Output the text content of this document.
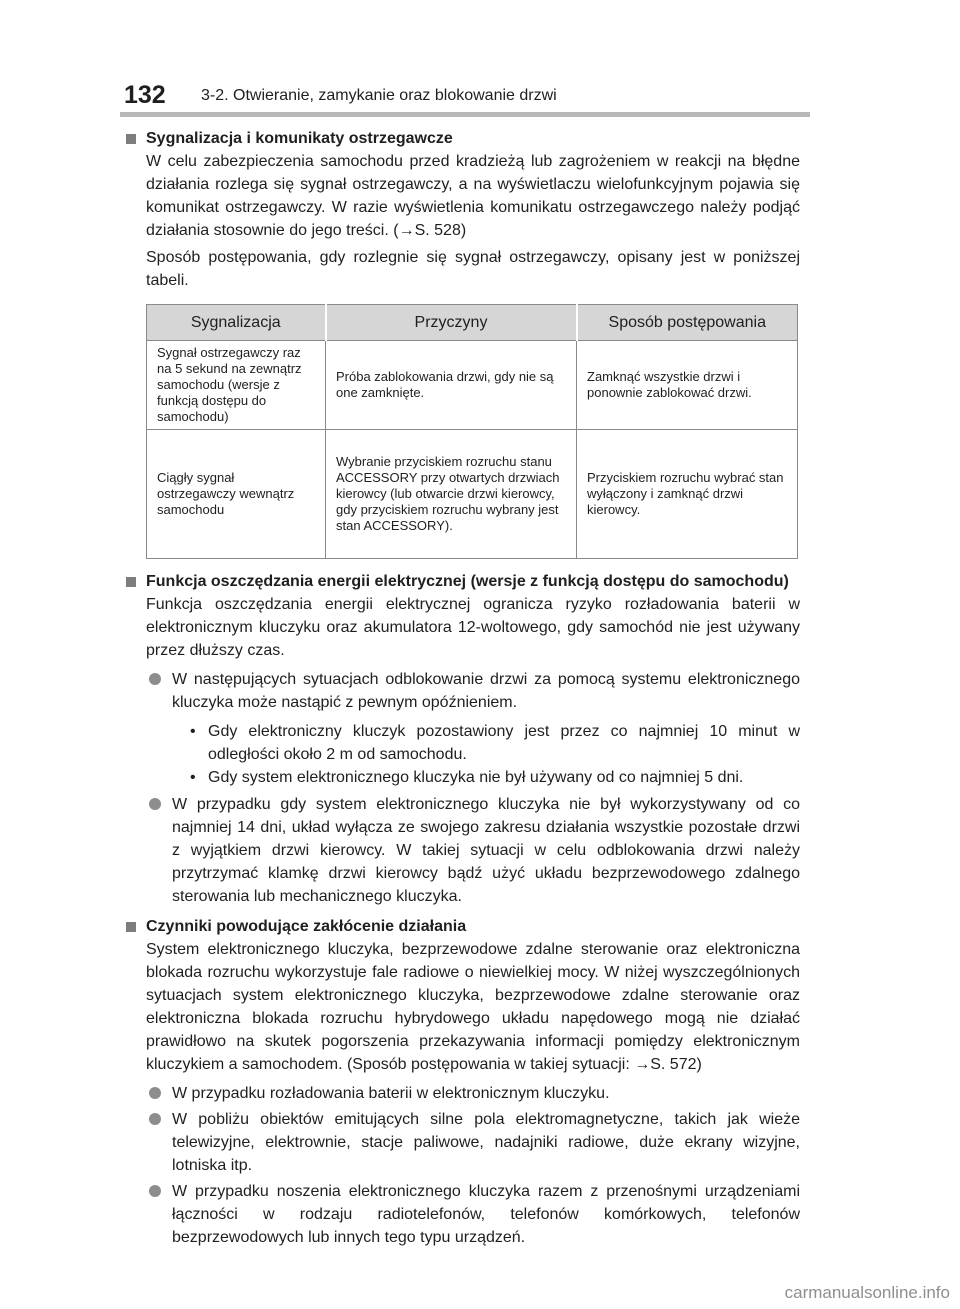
132 3-2. Otwieranie, zamykanie oraz blokowanie drzwi

Sygnalizacja i komunikaty ostrzegawcze

W celu zabezpieczenia samochodu przed kradzieżą lub zagrożeniem w reakcji na błędne działania rozlega się sygnał ostrzegawczy, a na wyświetlaczu wielofunkcyjnym pojawia się komunikat ostrzegawczy. W razie wyświetlenia komunikatu ostrzegawczego należy podjąć działania stosownie do jego treści. (→S. 528)

Sposób postępowania, gdy rozlegnie się sygnał ostrzegawczy, opisany jest w poniższej tabeli.

Sygnalizacja	Przyczyny	Sposób postępowania
Sygnał ostrzegawczy raz na 5 sekund na zewnątrz samochodu (wersje z funkcją dostępu do samochodu)	Próba zablokowania drzwi, gdy nie są one zamknięte.	Zamknąć wszystkie drzwi i ponownie zablokować drzwi.
Ciągły sygnał ostrzegawczy wewnątrz samochodu	Wybranie przyciskiem rozruchu stanu ACCESSORY przy otwartych drzwiach kierowcy (lub otwarcie drzwi kierowcy, gdy przyciskiem rozruchu wybrany jest stan ACCESSORY).	Przyciskiem rozruchu wybrać stan wyłączony i zamknąć drzwi kierowcy.

Funkcja oszczędzania energii elektrycznej (wersje z funkcją dostępu do samochodu)

Funkcja oszczędzania energii elektrycznej ogranicza ryzyko rozładowania baterii w elektronicznym kluczyku oraz akumulatora 12-woltowego, gdy samochód nie jest używany przez dłuższy czas.

W następujących sytuacjach odblokowanie drzwi za pomocą systemu elektronicznego kluczyka może nastąpić z pewnym opóźnieniem.
• Gdy elektroniczny kluczyk pozostawiony jest przez co najmniej 10 minut w odległości około 2 m od samochodu.
• Gdy system elektronicznego kluczyka nie był używany od co najmniej 5 dni.
W przypadku gdy system elektronicznego kluczyka nie był wykorzystywany od co najmniej 14 dni, układ wyłącza ze swojego zakresu działania wszystkie pozostałe drzwi z wyjątkiem drzwi kierowcy. W takiej sytuacji w celu odblokowania drzwi należy przytrzymać klamkę drzwi kierowcy bądź użyć układu bezprzewodowego zdalnego sterowania lub mechanicznego kluczyka.

Czynniki powodujące zakłócenie działania

System elektronicznego kluczyka, bezprzewodowe zdalne sterowanie oraz elektroniczna blokada rozruchu wykorzystuje fale radiowe o niewielkiej mocy. W niżej wyszczególnionych sytuacjach system elektronicznego kluczyka, bezprzewodowe zdalne sterowanie oraz elektroniczna blokada rozruchu hybrydowego układu napędowego mogą nie działać prawidłowo na skutek pogorszenia przekazywania informacji pomiędzy elektronicznym kluczykiem a samochodem. (Sposób postępowania w takiej sytuacji: →S. 572)

W przypadku rozładowania baterii w elektronicznym kluczyku.
W pobliżu obiektów emitujących silne pola elektromagnetyczne, takich jak wieże telewizyjne, elektrownie, stacje paliwowe, nadajniki radiowe, duże ekrany wizyjne, lotniska itp.
W przypadku noszenia elektronicznego kluczyka razem z przenośnymi urządzeniami łączności w rodzaju radiotelefonów, telefonów komórkowych, telefonów bezprzewodowych lub innych tego typu urządzeń.
carmanualsonline.info
